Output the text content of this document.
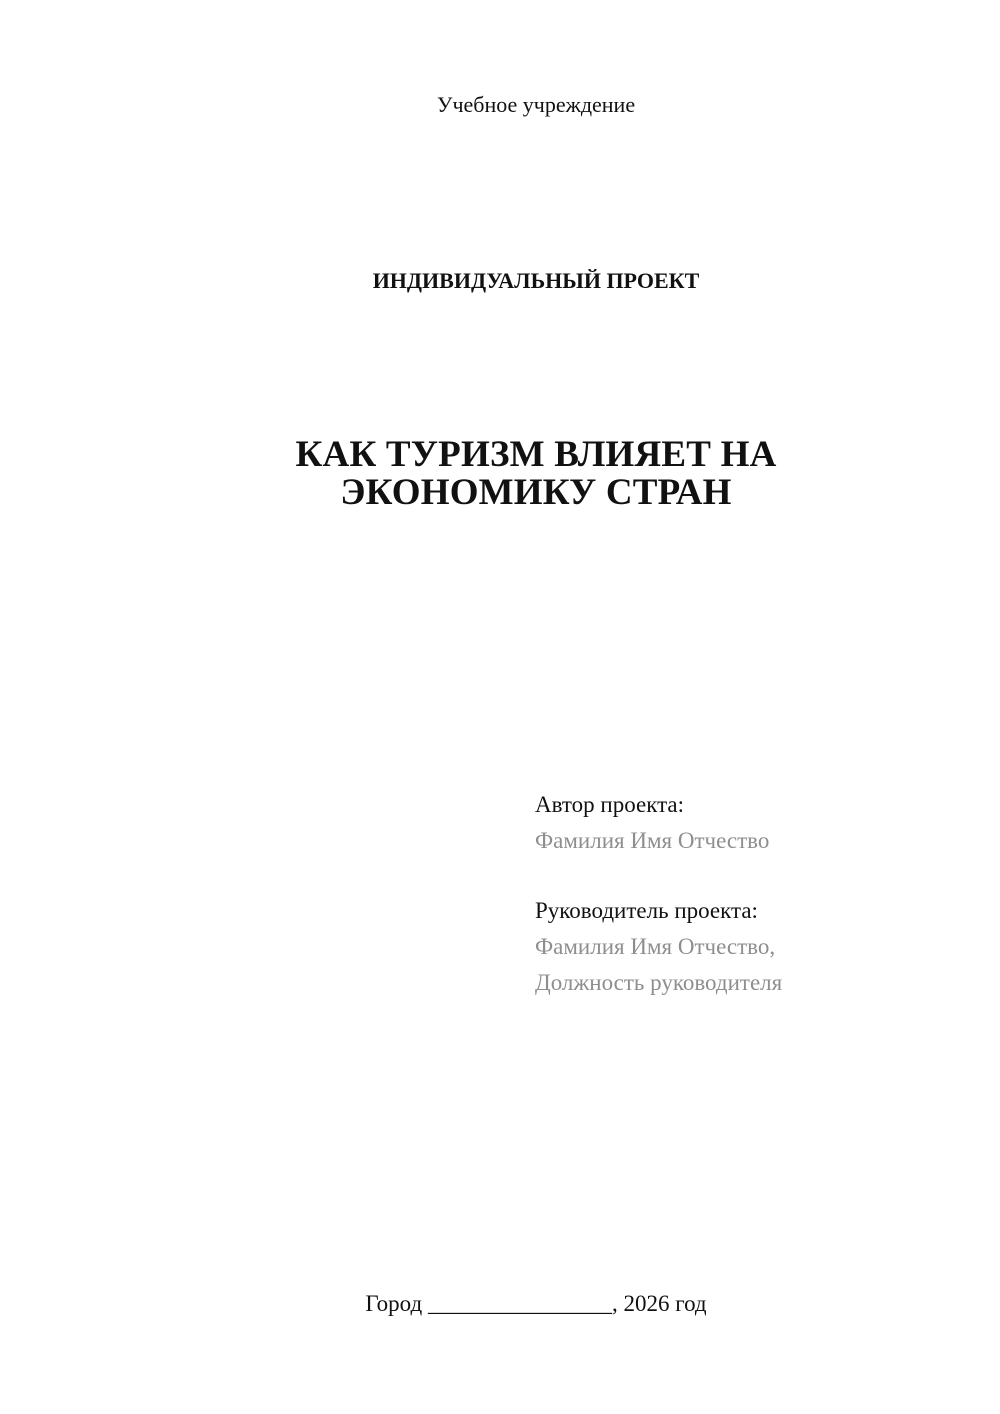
Учебное учреждение
ИНДИВИДУАЛЬНЫЙ ПРОЕКТ
КАК ТУРИЗМ ВЛИЯЕТ НА
ЭКОНОМИКУ СТРАН
Автор проекта:
Фамилия Имя Отчество
Руководитель проекта:
Фамилия Имя Отчество,
Должность руководителя
Город ________________, 2026 год
